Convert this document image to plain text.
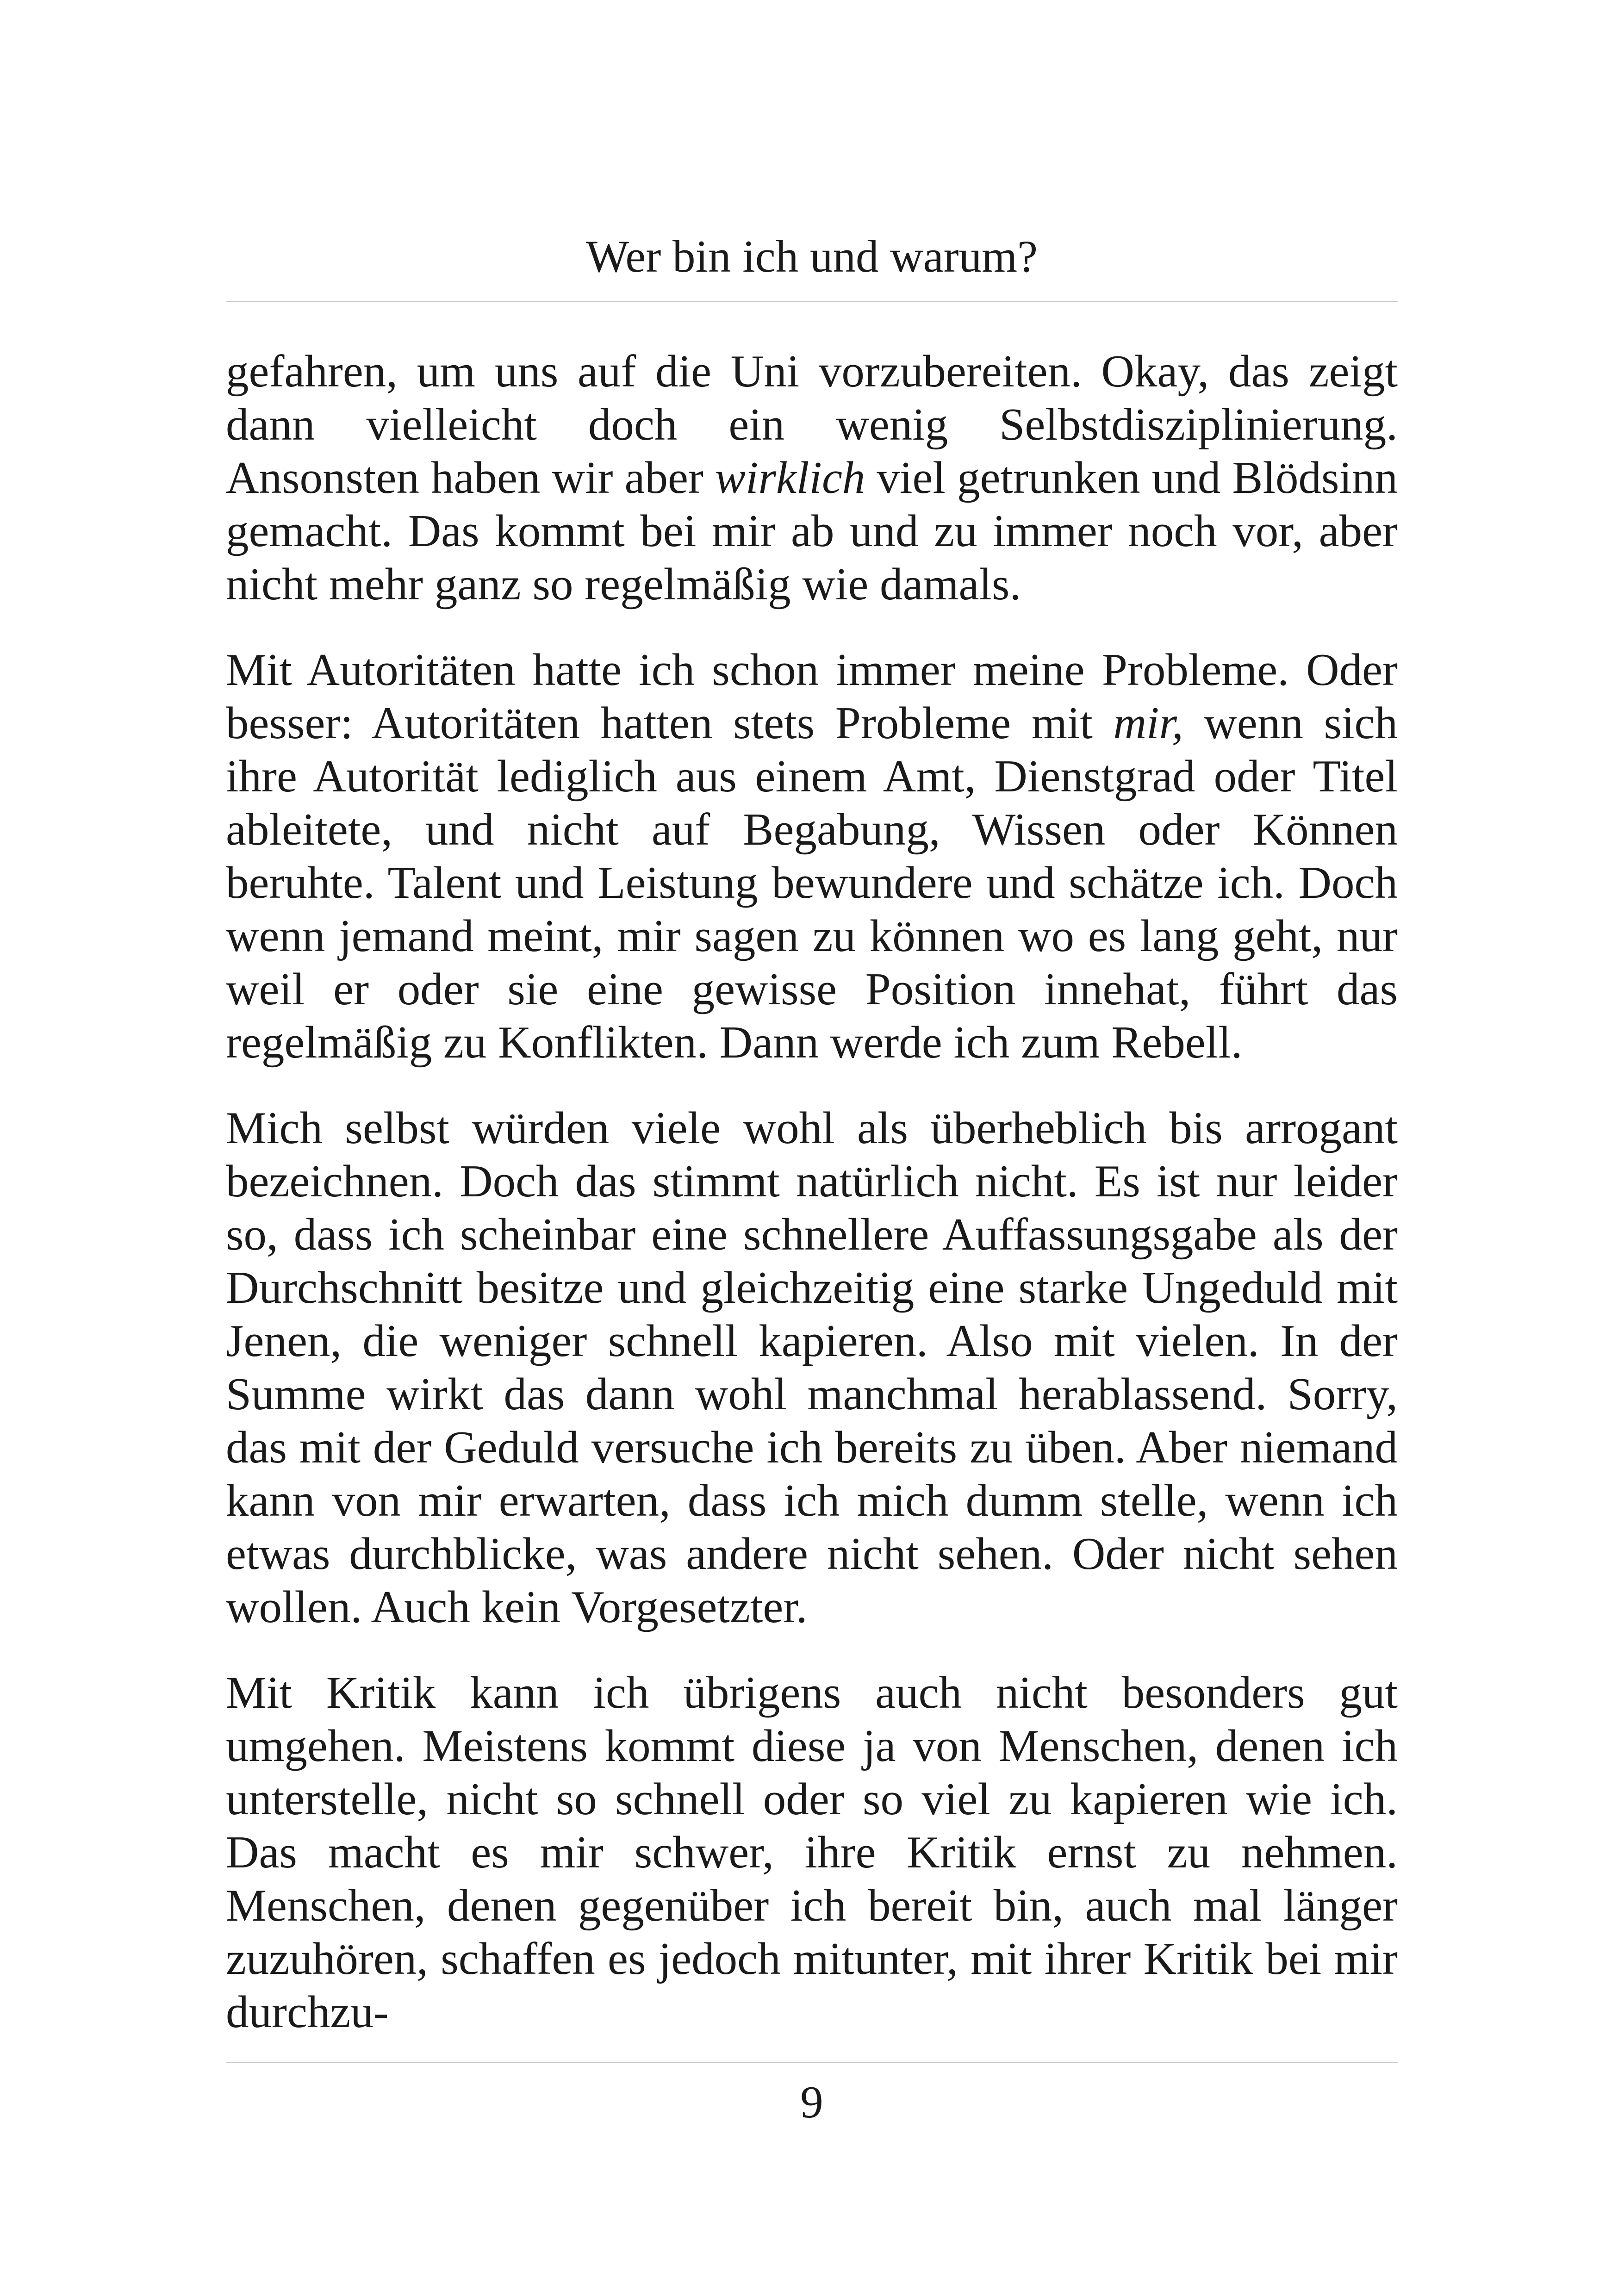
Wer bin ich und warum?

gefahren, um uns auf die Uni vorzubereiten. Okay, das zeigt dann vielleicht doch ein wenig Selbstdisziplinierung. Ansonsten haben wir aber wirklich viel getrunken und Blödsinn gemacht. Das kommt bei mir ab und zu immer noch vor, aber nicht mehr ganz so regelmäßig wie damals.

Mit Autoritäten hatte ich schon immer meine Probleme. Oder besser: Autoritäten hatten stets Probleme mit mir, wenn sich ihre Autorität lediglich aus einem Amt, Dienstgrad oder Titel ableitete, und nicht auf Begabung, Wissen oder Können beruhte. Talent und Leistung bewundere und schätze ich. Doch wenn jemand meint, mir sagen zu können wo es lang geht, nur weil er oder sie eine gewisse Position innehat, führt das regelmäßig zu Konflikten. Dann werde ich zum Rebell.

Mich selbst würden viele wohl als überheblich bis arrogant bezeichnen. Doch das stimmt natürlich nicht. Es ist nur leider so, dass ich scheinbar eine schnellere Auffassungsgabe als der Durchschnitt besitze und gleichzeitig eine starke Ungeduld mit Jenen, die weniger schnell kapieren. Also mit vielen. In der Summe wirkt das dann wohl manchmal herablassend. Sorry, das mit der Geduld versuche ich bereits zu üben. Aber niemand kann von mir erwarten, dass ich mich dumm stelle, wenn ich etwas durchblicke, was andere nicht sehen. Oder nicht sehen wollen. Auch kein Vorgesetzter.

Mit Kritik kann ich übrigens auch nicht besonders gut umgehen. Meistens kommt diese ja von Menschen, denen ich unterstelle, nicht so schnell oder so viel zu kapieren wie ich. Das macht es mir schwer, ihre Kritik ernst zu nehmen. Menschen, denen gegenüber ich bereit bin, auch mal länger zuzuhören, schaffen es jedoch mitunter, mit ihrer Kritik bei mir durchzu-

9
